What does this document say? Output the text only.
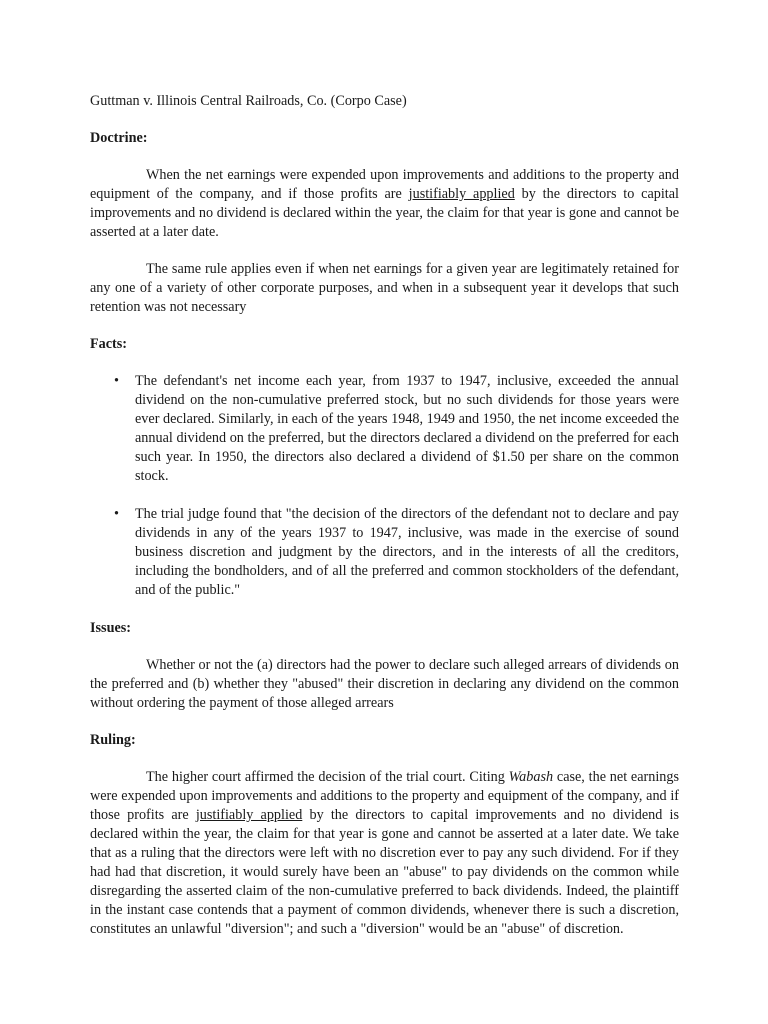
Guttman v. Illinois Central Railroads, Co. (Corpo Case)

Doctrine:

When the net earnings were expended upon improvements and additions to the property and equipment of the company, and if those profits are justifiably applied by the directors to capital improvements and no dividend is declared within the year, the claim for that year is gone and cannot be asserted at a later date.

The same rule applies even if when net earnings for a given year are legitimately retained for any one of a variety of other corporate purposes, and when in a subsequent year it develops that such retention was not necessary

Facts:

• The defendant's net income each year, from 1937 to 1947, inclusive, exceeded the annual dividend on the non-cumulative preferred stock, but no such dividends for those years were ever declared. Similarly, in each of the years 1948, 1949 and 1950, the net income exceeded the annual dividend on the preferred, but the directors declared a dividend on the preferred for each such year. In 1950, the directors also declared a dividend of $1.50 per share on the common stock.
• The trial judge found that "the decision of the directors of the defendant not to declare and pay dividends in any of the years 1937 to 1947, inclusive, was made in the exercise of sound business discretion and judgment by the directors, and in the interests of all the creditors, including the bondholders, and of all the preferred and common stockholders of the defendant, and of the public."

Issues:

Whether or not the (a) directors had the power to declare such alleged arrears of dividends on the preferred and (b) whether they "abused" their discretion in declaring any dividend on the common without ordering the payment of those alleged arrears

Ruling:

The higher court affirmed the decision of the trial court. Citing Wabash case, the net earnings were expended upon improvements and additions to the property and equipment of the company, and if those profits are justifiably applied by the directors to capital improvements and no dividend is declared within the year, the claim for that year is gone and cannot be asserted at a later date. We take that as a ruling that the directors were left with no discretion ever to pay any such dividend. For if they had had that discretion, it would surely have been an "abuse" to pay dividends on the common while disregarding the asserted claim of the non-cumulative preferred to back dividends. Indeed, the plaintiff in the instant case contends that a payment of common dividends, whenever there is such a discretion, constitutes an unlawful "diversion"; and such a "diversion" would be an "abuse" of discretion.
